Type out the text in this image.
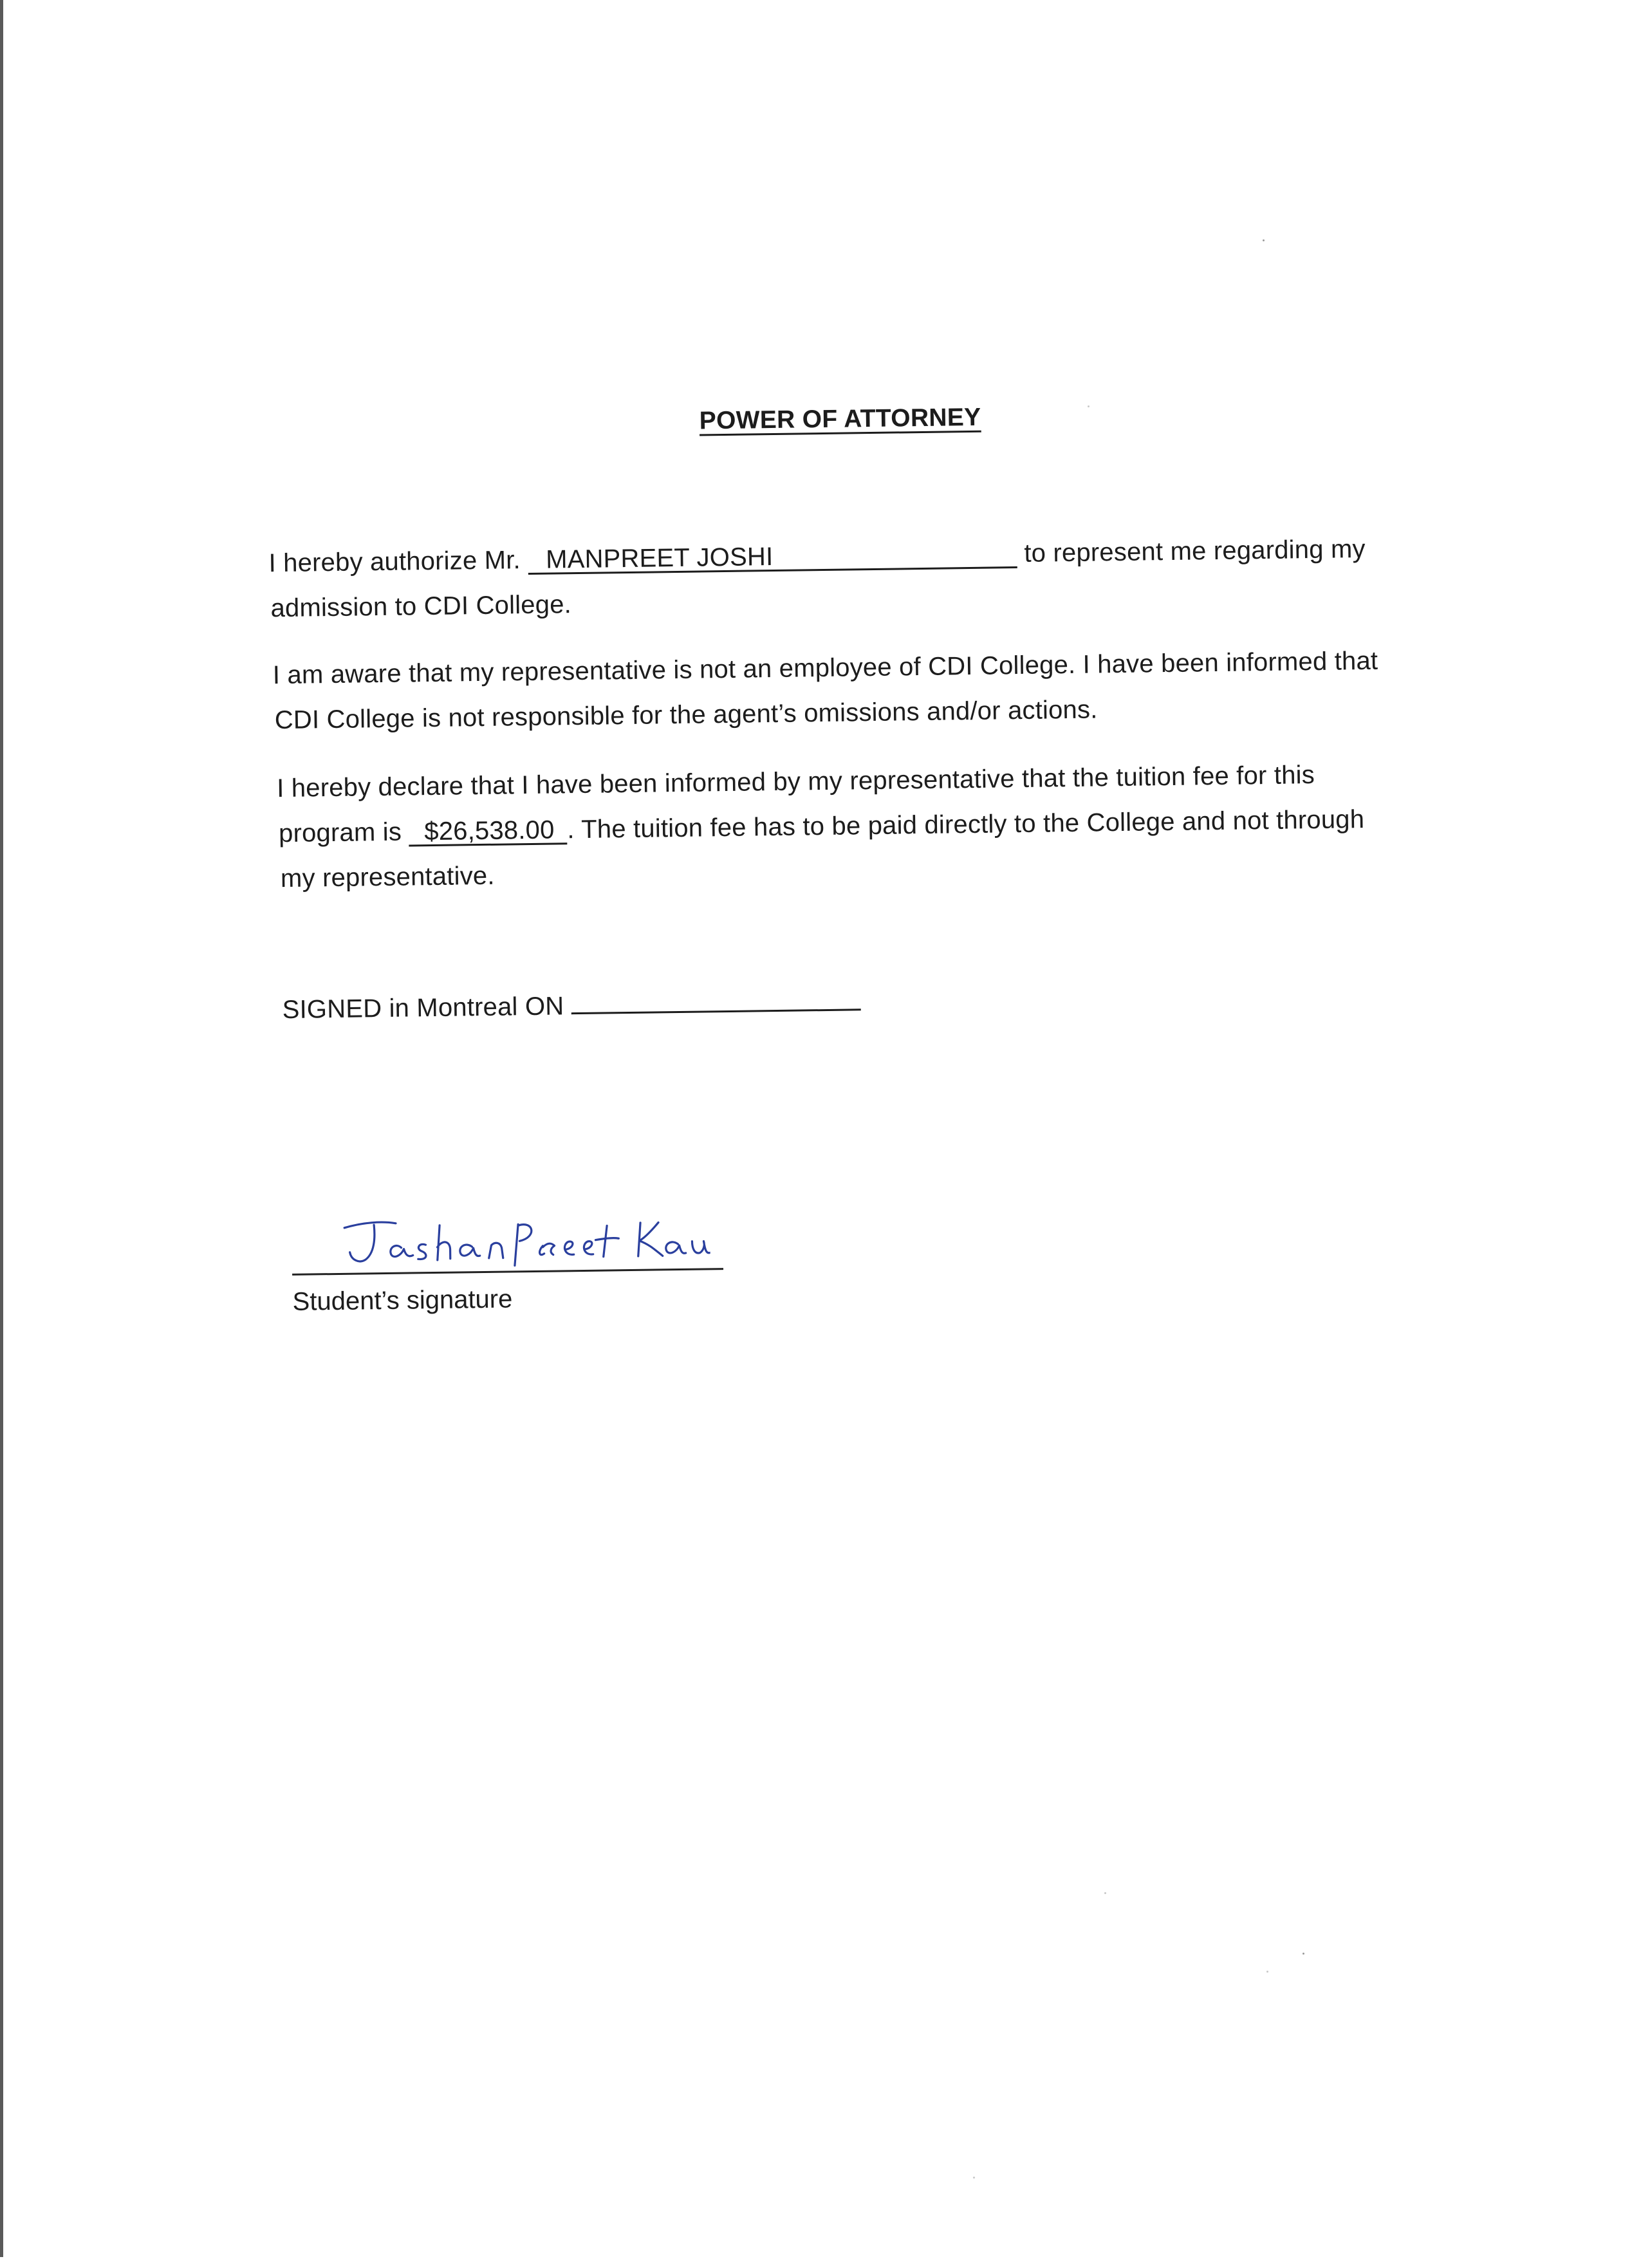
POWER OF ATTORNEY
I hereby authorize Mr. MANPREET JOSHI	to represent me regarding my
admission to CDI College.
I am aware that my representative is not an employee of CDI College. I have been informed that
CDI College is not responsible for the agent’s omissions and/or actions.
I hereby declare that I have been informed by my representative that the tuition fee for this
program is $26,538.00 . The tuition fee has to be paid directly to the College and not through
my representative.
SIGNED in Montreal ON
Student’s signature
